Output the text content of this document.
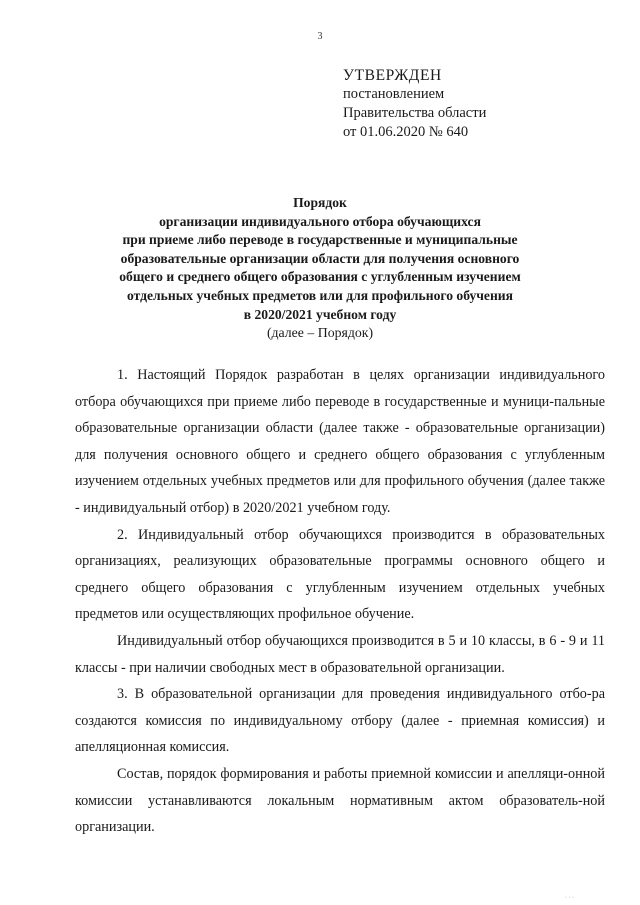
3
УТВЕРЖДЕН
постановлением
Правительства области
от 01.06.2020 № 640
Порядок
организации индивидуального отбора обучающихся
при приеме либо переводе в государственные и муниципальные
образовательные организации области для получения основного
общего и среднего общего образования с углубленным изучением
отдельных учебных предметов или для профильного обучения
в 2020/2021 учебном году
(далее – Порядок)

1. Настоящий Порядок разработан в целях организации индивидуального отбора обучающихся при приеме либо переводе в государственные и муници-пальные образовательные организации области (далее также - образовательные организации) для получения основного общего и среднего общего образования с углубленным изучением отдельных учебных предметов или для профильного обучения (далее также - индивидуальный отбор) в 2020/2021 учебном году.

2. Индивидуальный отбор обучающихся производится в образовательных организациях, реализующих образовательные программы основного общего и среднего общего образования с углубленным изучением отдельных учебных предметов или осуществляющих профильное обучение.

Индивидуальный отбор обучающихся производится в 5 и 10 классы, в 6 - 9 и 11 классы - при наличии свободных мест в образовательной организации.

3. В образовательной организации для проведения индивидуального отбо-ра создаются комиссия по индивидуальному отбору (далее - приемная комиссия) и апелляционная комиссия.

Состав, порядок формирования и работы приемной комиссии и апелляци-онной комиссии устанавливаются локальным нормативным актом образователь-ной организации.

· · ·
